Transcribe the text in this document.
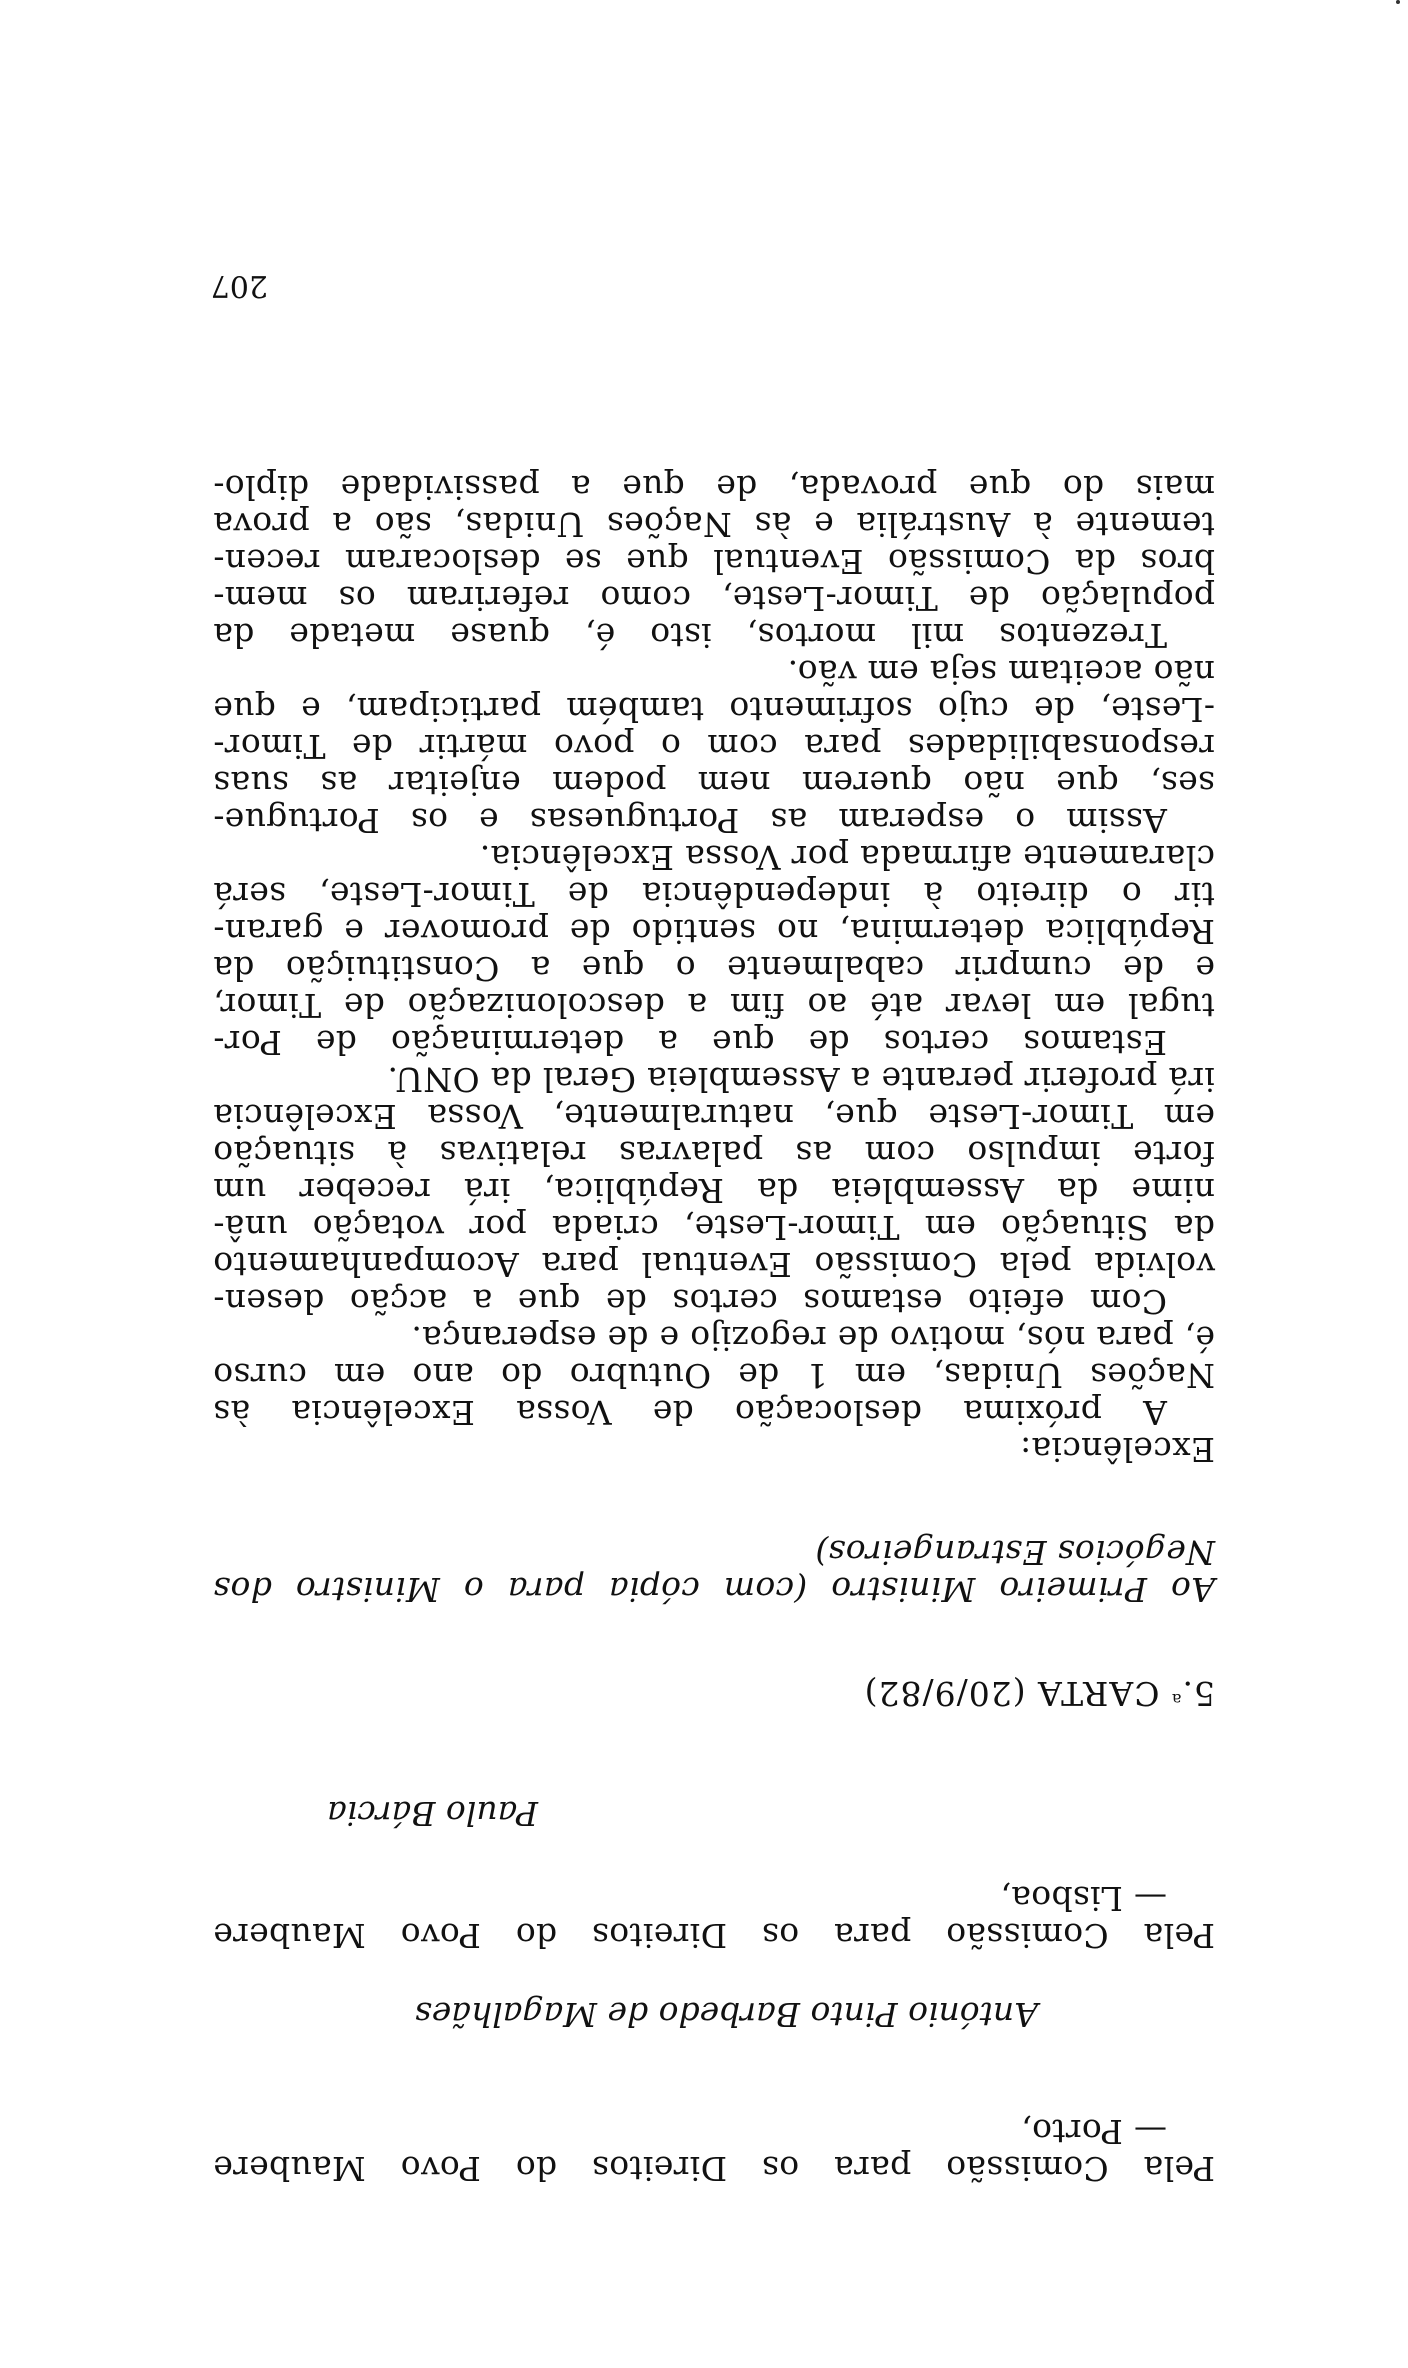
Pela Comissão para os Direitos do Povo Maubere
— Porto,
António Pinto Barbedo de Magalhães
Pela Comissão para os Direitos do Povo Maubere
— Lisboa,
Paulo Bárcia
5.$^a$ CARTA (20/9/82)
Ao Primeiro Ministro (com cópia para o Ministro dos
Negócios Estrangeiros)
Excelência:
A próxima deslocação de Vossa Excelência às
Nações Unidas, em 1 de Outubro do ano em curso
é, para nós, motivo de regozijo e de esperança.
Com efeito estamos certos de que a acção desen-
volvida pela Comissão Eventual para Acompanhamento
da Situação em Timor-Leste, criada por votação unâ-
nime da Assembleia da República, irá receber um
forte impulso com as palavras relativas à situação
em Timor-Leste que, naturalmente, Vossa Excelência
irá proferir perante a Assembleia Geral da ONU.
Estamos certos de que a determinação de Por-
tugal em levar até ao fim a descolonização de Timor,
e de cumprir cabalmente o que a Constituição da
República determina, no sentido de promover e garan-
tir o direito à independência de Timor-Leste, será
claramente afirmada por Vossa Excelência.
Assim o esperam as Portuguesas e os Portugue-
ses, que não querem nem podem enjeitar as suas
responsabilidades para com o povo mártir de Timor-
-Leste, de cujo sofrimento também participam, e que
não aceitam seja em vão.
Trezentos mil mortos, isto é, quase metade da
população de Timor-Leste, como referiram os mem-
bros da Comissão Eventual que se deslocaram recen-
temente à Austrália e às Nações Unidas, são a prova
mais do que provada, de que a passividade diplo-
207
